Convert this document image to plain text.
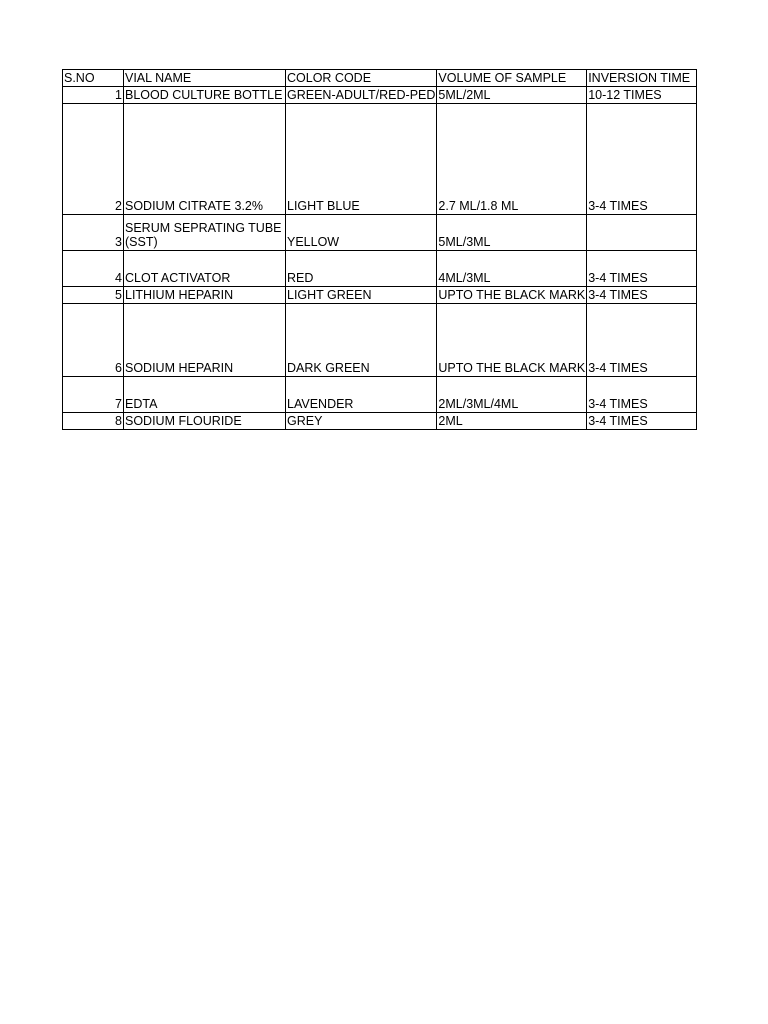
S.NO	VIAL NAME	COLOR CODE	VOLUME OF SAMPLE	INVERSION TIME
1	BLOOD CULTURE BOTTLE	GREEN-ADULT/RED-PED	5ML/2ML	10-12 TIMES
2	SODIUM CITRATE 3.2%	LIGHT BLUE	2.7 ML/1.8 ML	3-4 TIMES
3	SERUM SEPRATING TUBE (SST)	YELLOW	5ML/3ML	
4	CLOT ACTIVATOR	RED	4ML/3ML	3-4 TIMES
5	LITHIUM HEPARIN	LIGHT GREEN	UPTO THE BLACK MARK	3-4 TIMES
6	SODIUM HEPARIN	DARK GREEN	UPTO THE BLACK MARK	3-4 TIMES
7	EDTA	LAVENDER	2ML/3ML/4ML	3-4 TIMES
8	SODIUM FLOURIDE	GREY	2ML	3-4 TIMES
